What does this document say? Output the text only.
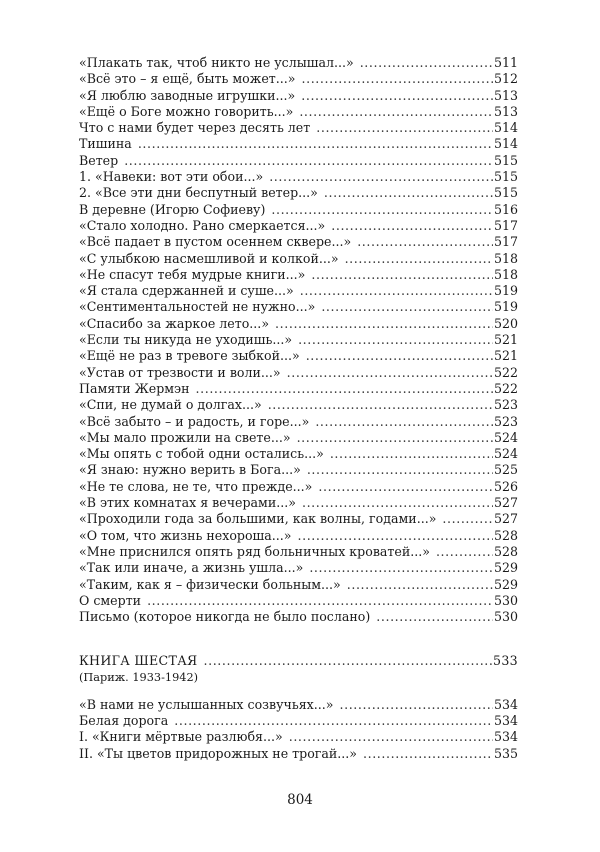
«Плакать так, чтоб никто не услышал...» .....	511
«Всё это – я ещё, быть может...» .....	512
«Я люблю заводные игрушки...» .....	513
«Ещё о Боге можно говорить...» .....	513
Что с нами будет через десять лет .....	514
Тишина .....	514
Ветер .....	515
1. «Навеки: вот эти обои...» .....	515
2. «Все эти дни беспутный ветер...» .....	515
В деревне (Игорю Софиеву) .....	516
«Стало холодно. Рано смеркается...» .....	517
«Всё падает в пустом осеннем сквере...» .....	517
«С улыбкою насмешливой и колкой...» .....	518
«Не спасут тебя мудрые книги...» .....	518
«Я стала сдержанней и суше...» .....	519
«Сентиментальностей не нужно...» .....	519
«Спасибо за жаркое лето...» .....	520
«Если ты никуда не уходишь...» .....	521
«Ещё не раз в тревоге зыбкой...» .....	521
«Устав от трезвости и воли...» .....	522
Памяти Жермэн .....	522
«Спи, не думай о долгах...» .....	523
«Всё забыто – и радость, и горе...» .....	523
«Мы мало прожили на свете...» .....	524
«Мы опять с тобой одни остались...» .....	524
«Я знаю: нужно верить в Бога...» .....	525
«Не те слова, не те, что прежде...» .....	526
«В этих комнатах я вечерами...» .....	527
«Проходили года за большими, как волны, годами...» .....	527
«О том, что жизнь нехороша...» .....	528
«Мне приснился опять ряд больничных кроватей...» .....	528
«Так или иначе, а жизнь ушла...» .....	529
«Таким, как я – физически больным...» .....	529
О смерти .....	530
Письмо (которое никогда не было послано) .....	530
КНИГА ШЕСТАЯ .....	533
(Париж. 1933-1942)
«В нами не услышанных созвучьях...» .....	534
Белая дорога .....	534
I. «Книги мёртвые разлюбя...» .....	534
II. «Ты цветов придорожных не трогай...» .....	535
804
